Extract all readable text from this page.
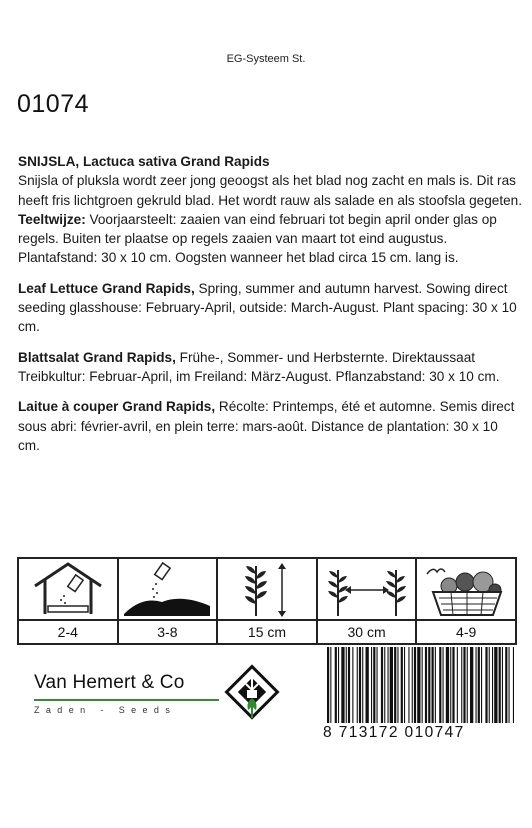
EG-Systeem St.
01074

SNIJSLA, Lactuca sativa Grand Rapids
Snijsla of pluksla wordt zeer jong geoogst als het blad nog zacht en mals is. Dit ras heeft fris lichtgroen gekruld blad. Het wordt rauw als salade en als stoofsla gegeten.
Teeltwijze: Voorjaarsteelt: zaaien van eind februari tot begin april onder glas op regels. Buiten ter plaatse op regels zaaien van maart tot eind augustus. Plantafstand: 30 x 10 cm. Oogsten wanneer het blad circa 15 cm. lang is.

Leaf Lettuce Grand Rapids, Spring, summer and autumn harvest. Sowing direct seeding glasshouse: February-April, outside: March-August. Plant spacing: 30 x 10 cm.

Blattsalat Grand Rapids, Frühe-, Sommer- und Herbsternte. Direktaussaat Treibkultur: Februar-April, im Freiland: März-August. Pflanzabstand: 30 x 10 cm.

Laitue à couper Grand Rapids, Récolte: Printemps, été et automne. Semis direct sous abri: février-avril, en plein terre: mars-août. Distance de plantation: 30 x 10 cm.

2-4	3-8	15 cm	30 cm	4-9
Van Hemert & Co
Zaden - Seeds
8 713172 010747
